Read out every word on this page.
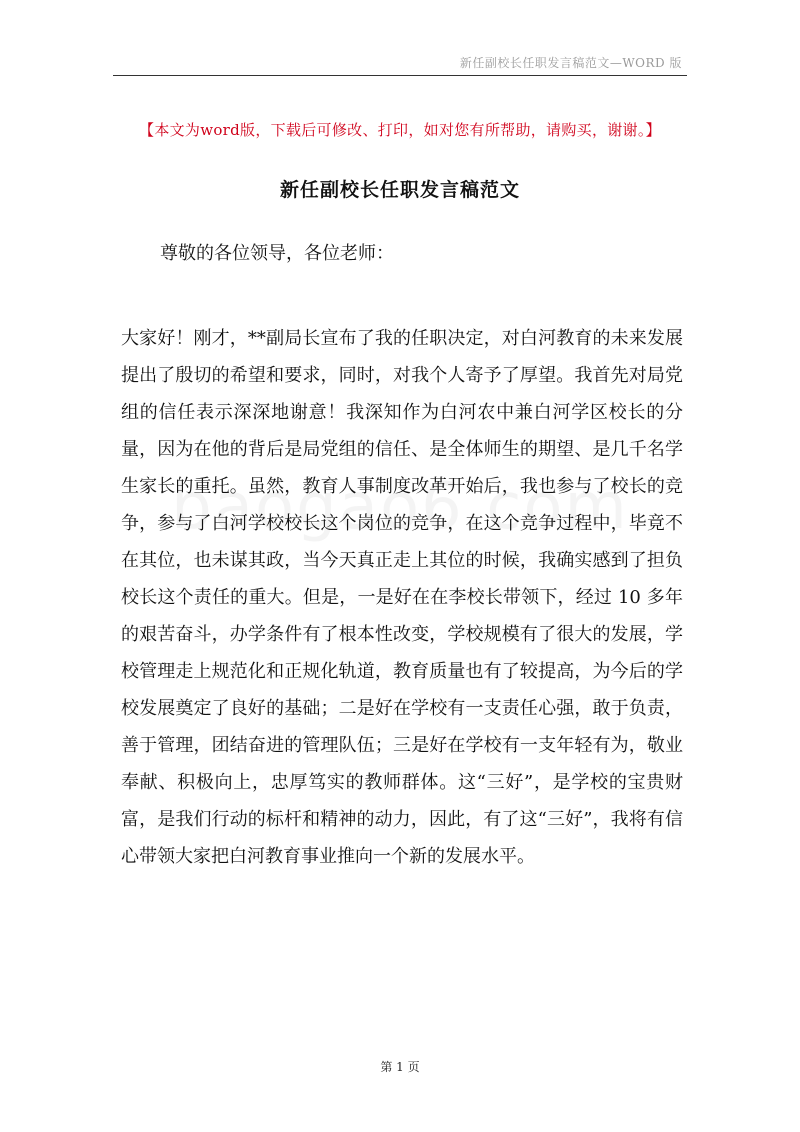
新任副校长任职发言稿范文—WORD 版
【本文为word版，下载后可修改、打印，如对您有所帮助，请购买，谢谢。】
新任副校长任职发言稿范文
尊敬的各位领导，各位老师：

大家好！刚才，**副局长宣布了我的任职决定，对白河教育的未来发展提出了殷切的希望和要求，同时，对我个人寄予了厚望。我首先对局党组的信任表示深深地谢意！我深知作为白河农中兼白河学区校长的分量，因为在他的背后是局党组的信任、是全体师生的期望、是几千名学生家长的重托。虽然，教育人事制度改革开始后，我也参与了校长的竞争，参与了白河学校校长这个岗位的竞争，在这个竞争过程中，毕竟不在其位，也未谋其政，当今天真正走上其位的时候，我确实感到了担负校长这个责任的重大。但是，一是好在在李校长带领下，经过 10 多年的艰苦奋斗，办学条件有了根本性改变，学校规模有了很大的发展，学校管理走上规范化和正规化轨道，教育质量也有了较提高，为今后的学校发展奠定了良好的基础；二是好在学校有一支责任心强，敢于负责，善于管理，团结奋进的管理队伍；三是好在学校有一支年轻有为，敬业奉献、积极向上，忠厚笃实的教师群体。这“三好”，是学校的宝贵财富，是我们行动的标杆和精神的动力，因此，有了这“三好”，我将有信心带领大家把白河教育事业推向一个新的发展水平。

第 1 页
